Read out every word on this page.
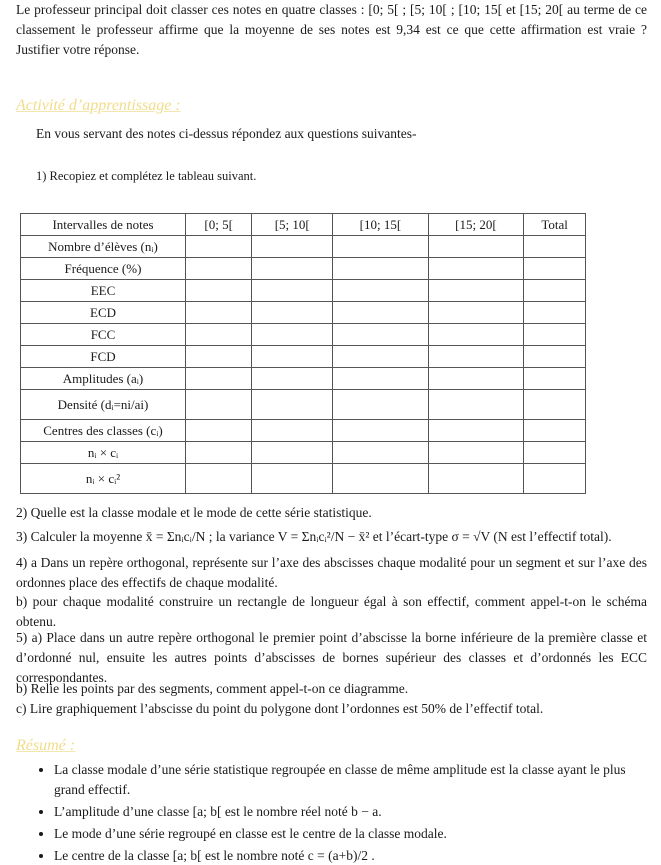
Le professeur principal doit classer ces notes en quatre classes : [0; 5[ ; [5; 10[ ; [10; 15[ et [15; 20[ au terme de ce classement le professeur affirme que la moyenne de ses notes est 9,34 est ce que cette affirmation est vraie ? Justifier votre réponse.
Activité d’apprentissage :
En vous servant des notes ci-dessus répondez aux questions suivantes-
1) Recopiez et complétez le tableau suivant.
Intervalles de notes	[0; 5[	[5; 10[	[10; 15[	[15; 20[	Total
Nombre d’élèves (nᵢ)					
Fréquence (%)					
EEC					
ECD					
FCC					
FCD					
Amplitudes (aᵢ)					
Densité (dᵢ=ni/ai)					
Centres des classes (cᵢ)					
nᵢ × cᵢ					
nᵢ × cᵢ²					
2) Quelle est la classe modale et le mode de cette série statistique.
3) Calculer la moyenne x̄ = Σnᵢcᵢ/N ; la variance V = Σnᵢcᵢ²/N − x̄² et l’écart-type σ = √V (N est l’effectif total).
4) a Dans un repère orthogonal, représente sur l’axe des abscisses chaque modalité pour un segment et sur l’axe des ordonnes place des effectifs de chaque modalité.
b) pour chaque modalité construire un rectangle de longueur égal à son effectif, comment appel-t-on le schéma obtenu.
5) a) Place dans un autre repère orthogonal le premier point d’abscisse la borne inférieure de la première classe et d’ordonné nul, ensuite les autres points d’abscisses de bornes supérieur des classes et d’ordonnés les ECC correspondantes.
b) Relie les points par des segments, comment appel-t-on ce diagramme.
c) Lire graphiquement l’abscisse du point du polygone dont l’ordonnes est 50% de l’effectif total.
Résumé :
• La classe modale d’une série statistique regroupée en classe de même amplitude est la classe ayant le plus grand effectif.
• L’amplitude d’une classe [a; b[ est le nombre réel noté b − a.
• Le mode d’une série regroupé en classe est le centre de la classe modale.
• Le centre de la classe [a; b[ est le nombre noté c = (a+b)/2 .
